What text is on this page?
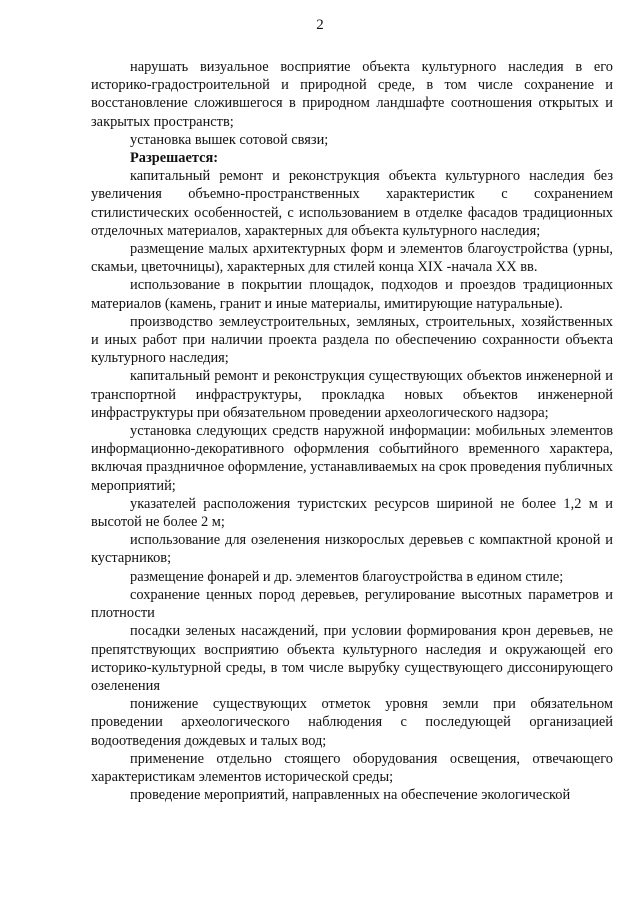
2

нарушать визуальное восприятие объекта культурного наследия в его историко-градостроительной и природной среде, в том числе сохранение и восстановление сложившегося в природном ландшафте соотношения открытых и закрытых пространств;

установка вышек сотовой связи;

Разрешается:

капитальный ремонт и реконструкция объекта культурного наследия без увеличения объемно-пространственных характеристик с сохранением стилистических особенностей, с использованием в отделке фасадов традиционных отделочных материалов, характерных для объекта культурного наследия;

размещение малых архитектурных форм и элементов благоустройства (урны, скамьи, цветочницы), характерных для стилей конца XIX -начала XX вв.

использование в покрытии площадок, подходов и проездов традиционных материалов (камень, гранит и иные материалы, имитирующие натуральные).

производство землеустроительных, земляных, строительных, хозяйственных и иных работ при наличии проекта раздела по обеспечению сохранности объекта культурного наследия;

капитальный ремонт и реконструкция существующих объектов инженерной и транспортной инфраструктуры, прокладка новых объектов инженерной инфраструктуры при обязательном проведении археологического надзора;

установка следующих средств наружной информации: мобильных элементов информационно-декоративного оформления событийного временного характера, включая праздничное оформление, устанавливаемых на срок проведения публичных мероприятий;

указателей расположения туристских ресурсов шириной не более 1,2 м и высотой не более 2 м;

использование для озеленения низкорослых деревьев с компактной кроной и кустарников;

размещение фонарей и др. элементов благоустройства в едином стиле;

сохранение ценных пород деревьев, регулирование высотных параметров и плотности

посадки зеленых насаждений, при условии формирования крон деревьев, не препятствующих восприятию объекта культурного наследия и окружающей его историко-культурной среды, в том числе вырубку существующего диссонирующего озеленения

понижение существующих отметок уровня земли при обязательном проведении археологического наблюдения с последующей организацией водоотведения дождевых и талых вод;

применение отдельно стоящего оборудования освещения, отвечающего характеристикам элементов исторической среды;

проведение мероприятий, направленных на обеспечение экологической
